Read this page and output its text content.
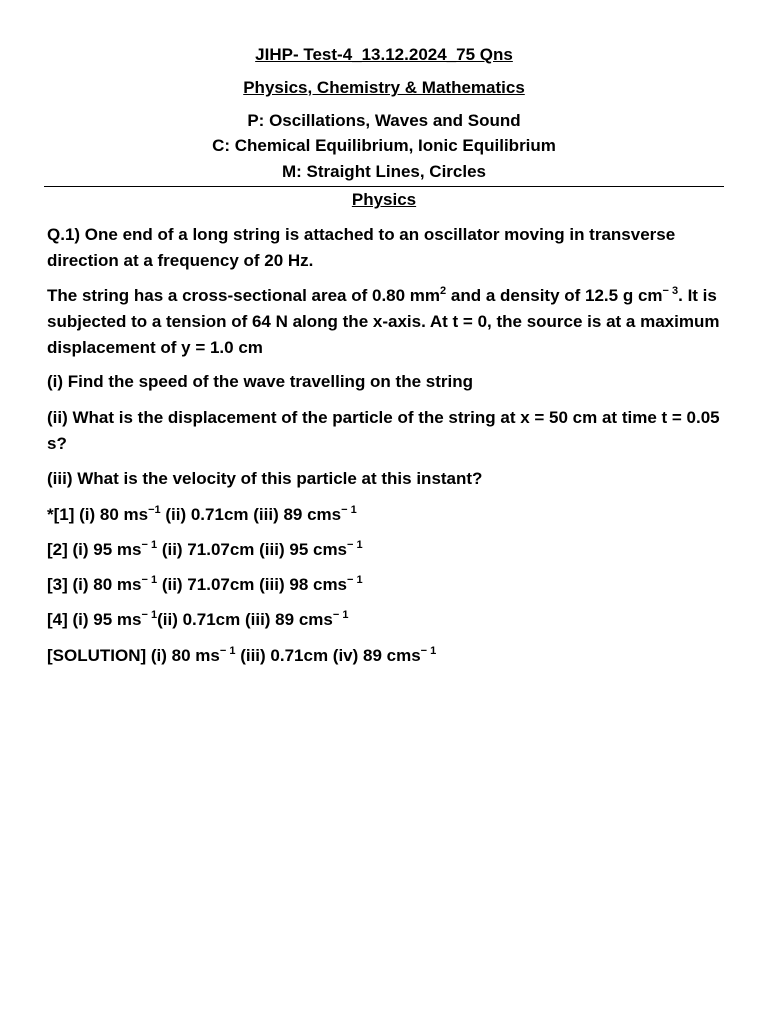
JIHP- Test-4_13.12.2024_75 Qns
Physics, Chemistry & Mathematics
P: Oscillations, Waves and Sound
C: Chemical Equilibrium, Ionic Equilibrium
M: Straight Lines, Circles
Physics
Q.1) One end of a long string is attached to an oscillator moving in transverse direction at a frequency of 20 Hz.
The string has a cross-sectional area of 0.80 $mm^2$ and a density of 12.5 g $cm^{- 3}$. It is subjected to a tension of 64 N along the x-axis. At t = 0, the source is at a maximum displacement of y = 1.0 cm
(i) Find the speed of the wave travelling on the string
(ii) What is the displacement of the particle of the string at x = 50 cm at time t = 0.05 s?
(iii) What is the velocity of this particle at this instant?
*[1] (i) 80 $ms^{-1}$ (ii) 0.71cm (iii) 89 cms$^{- 1}$
[2] (i) 95 $ms^{- 1}$ (ii) 71.07cm (iii) 95 cms$^{- 1}$
[3] (i) 80 $ms^{- 1}$ (ii) 71.07cm (iii) 98 cms$^{- 1}$
[4] (i) 95 $ms^{- 1}(ii)$ 0.71cm (iii) 89 cms$^{- 1}$
[SOLUTION] (i) 80 $ms^{- 1}$ (iii) 0.71cm (iv) 89 cms$^{- 1}$
